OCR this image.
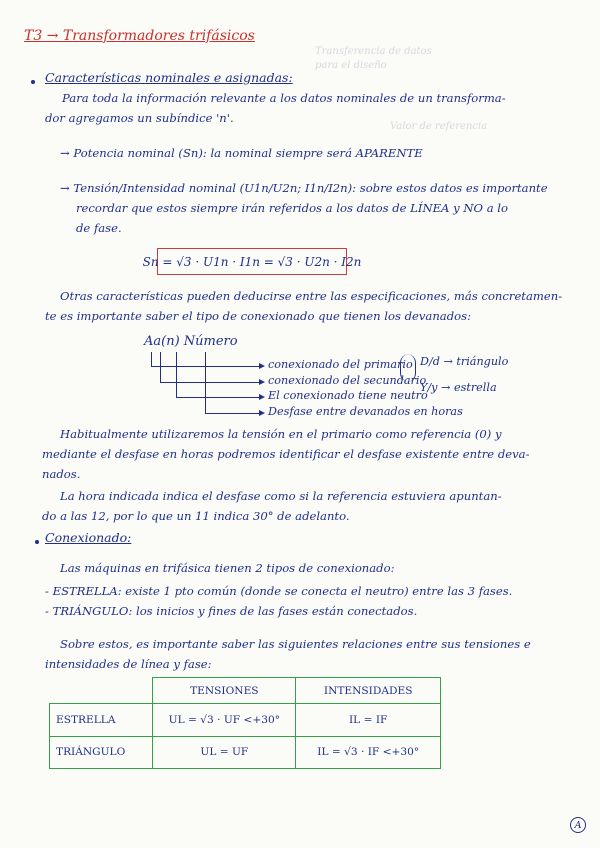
Transferencia de datos
para el diseño
Valor de referencia
T3 → Transformadores trifásicos
Características nominales e asignadas:
Para toda la información relevante a los datos nominales de un transforma-
dor agregamos un subíndice 'n'.
→ Potencia nominal (Sn): la nominal siempre será APARENTE
→ Tensión/Intensidad nominal (U1n/U2n; I1n/I2n): sobre estos datos es importante
recordar que estos siempre irán referidos a los datos de LÍNEA y NO a lo
de fase.
Sn = √3 · U1n · I1n = √3 · U2n · I2n
Otras características pueden deducirse entre las especificaciones, más concretamen-
te es importante saber el tipo de conexionado que tienen los devanados:
Aa(n) Número
conexionado del primario
conexionado del secundario
El conexionado tiene neutro
Desfase entre devanados en horas
D/d → triángulo
Y/y → estrella
Habitualmente utilizaremos la tensión en el primario como referencia (0) y
mediante el desfase en horas podremos identificar el desfase existente entre deva-
nados.
La hora indicada indica el desfase como si la referencia estuviera apuntan-
do a las 12, por lo que un 11 indica 30° de adelanto.
Conexionado:
Las máquinas en trifásica tienen 2 tipos de conexionado:
- ESTRELLA: existe 1 pto común (donde se conecta el neutro) entre las 3 fases.
- TRIÁNGULO: los inicios y fines de las fases están conectados.
Sobre estos, es importante saber las siguientes relaciones entre sus tensiones e
intensidades de línea y fase:
	TENSIONES	INTENSIDADES
ESTRELLA	UL = √3 · UF <+30°	IL = IF
TRIÁNGULO	UL = UF	IL = √3 · IF <+30°
A
